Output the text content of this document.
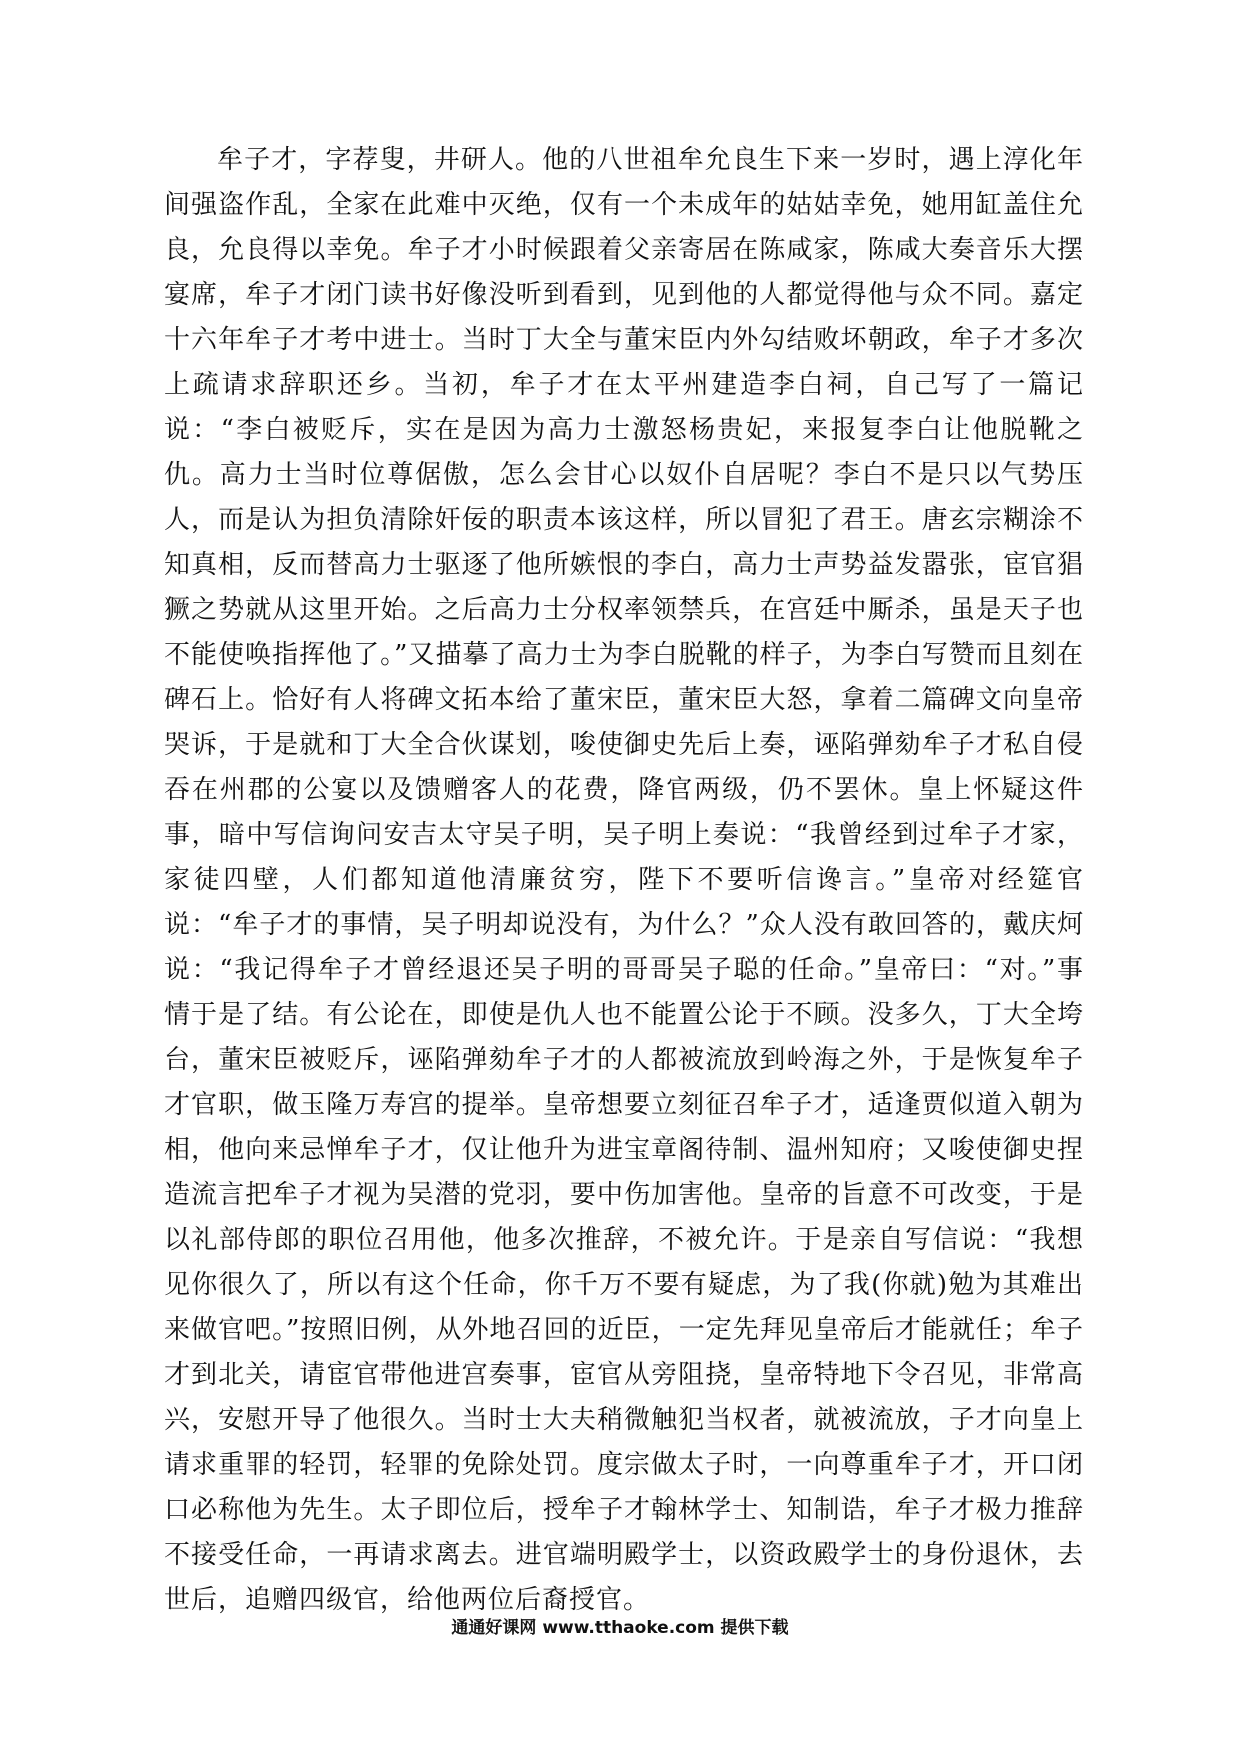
牟子才，字荐叟，井研人。他的八世祖牟允良生下来一岁时，遇上淳化年间强盗作乱，全家在此难中灭绝，仅有一个未成年的姑姑幸免，她用缸盖住允良，允良得以幸免。牟子才小时候跟着父亲寄居在陈咸家，陈咸大奏音乐大摆宴席，牟子才闭门读书好像没听到看到，见到他的人都觉得他与众不同。嘉定十六年牟子才考中进士。当时丁大全与董宋臣内外勾结败坏朝政，牟子才多次上疏请求辞职还乡。当初，牟子才在太平州建造李白祠，自己写了一篇记说：“李白被贬斥，实在是因为高力士激怒杨贵妃，来报复李白让他脱靴之仇。高力士当时位尊倨傲，怎么会甘心以奴仆自居呢？李白不是只以气势压人，而是认为担负清除奸佞的职责本该这样，所以冒犯了君王。唐玄宗糊涂不知真相，反而替高力士驱逐了他所嫉恨的李白，高力士声势益发嚣张，宦官猖獗之势就从这里开始。之后高力士分权率领禁兵，在宫廷中厮杀，虽是天子也不能使唤指挥他了。”又描摹了高力士为李白脱靴的样子，为李白写赞而且刻在碑石上。恰好有人将碑文拓本给了董宋臣，董宋臣大怒，拿着二篇碑文向皇帝哭诉，于是就和丁大全合伙谋划，唆使御史先后上奏，诬陷弹劾牟子才私自侵吞在州郡的公宴以及馈赠客人的花费，降官两级，仍不罢休。皇上怀疑这件事，暗中写信询问安吉太守吴子明，吴子明上奏说：“我曾经到过牟子才家，家徒四壁，人们都知道他清廉贫穷，陛下不要听信谗言。”皇帝对经筵官说：“牟子才的事情，吴子明却说没有，为什么？”众人没有敢回答的，戴庆炣说：“我记得牟子才曾经退还吴子明的哥哥吴子聪的任命。”皇帝曰：“对。”事情于是了结。有公论在，即使是仇人也不能置公论于不顾。没多久，丁大全垮台，董宋臣被贬斥，诬陷弹劾牟子才的人都被流放到岭海之外，于是恢复牟子才官职，做玉隆万寿宫的提举。皇帝想要立刻征召牟子才，适逢贾似道入朝为相，他向来忌惮牟子才，仅让他升为进宝章阁待制、温州知府；又唆使御史捏造流言把牟子才视为吴潜的党羽，要中伤加害他。皇帝的旨意不可改变，于是以礼部侍郎的职位召用他，他多次推辞，不被允许。于是亲自写信说：“我想见你很久了，所以有这个任命，你千万不要有疑虑，为了我(你就)勉为其难出来做官吧。”按照旧例，从外地召回的近臣，一定先拜见皇帝后才能就任；牟子才到北关，请宦官带他进宫奏事，宦官从旁阻挠，皇帝特地下令召见，非常高兴，安慰开导了他很久。当时士大夫稍微触犯当权者，就被流放，子才向皇上请求重罪的轻罚，轻罪的免除处罚。度宗做太子时，一向尊重牟子才，开口闭口必称他为先生。太子即位后，授牟子才翰林学士、知制诰，牟子才极力推辞不接受任命，一再请求离去。进官端明殿学士，以资政殿学士的身份退休，去世后，追赠四级官，给他两位后裔授官。

通通好课网 www.tthaoke.com 提供下载
